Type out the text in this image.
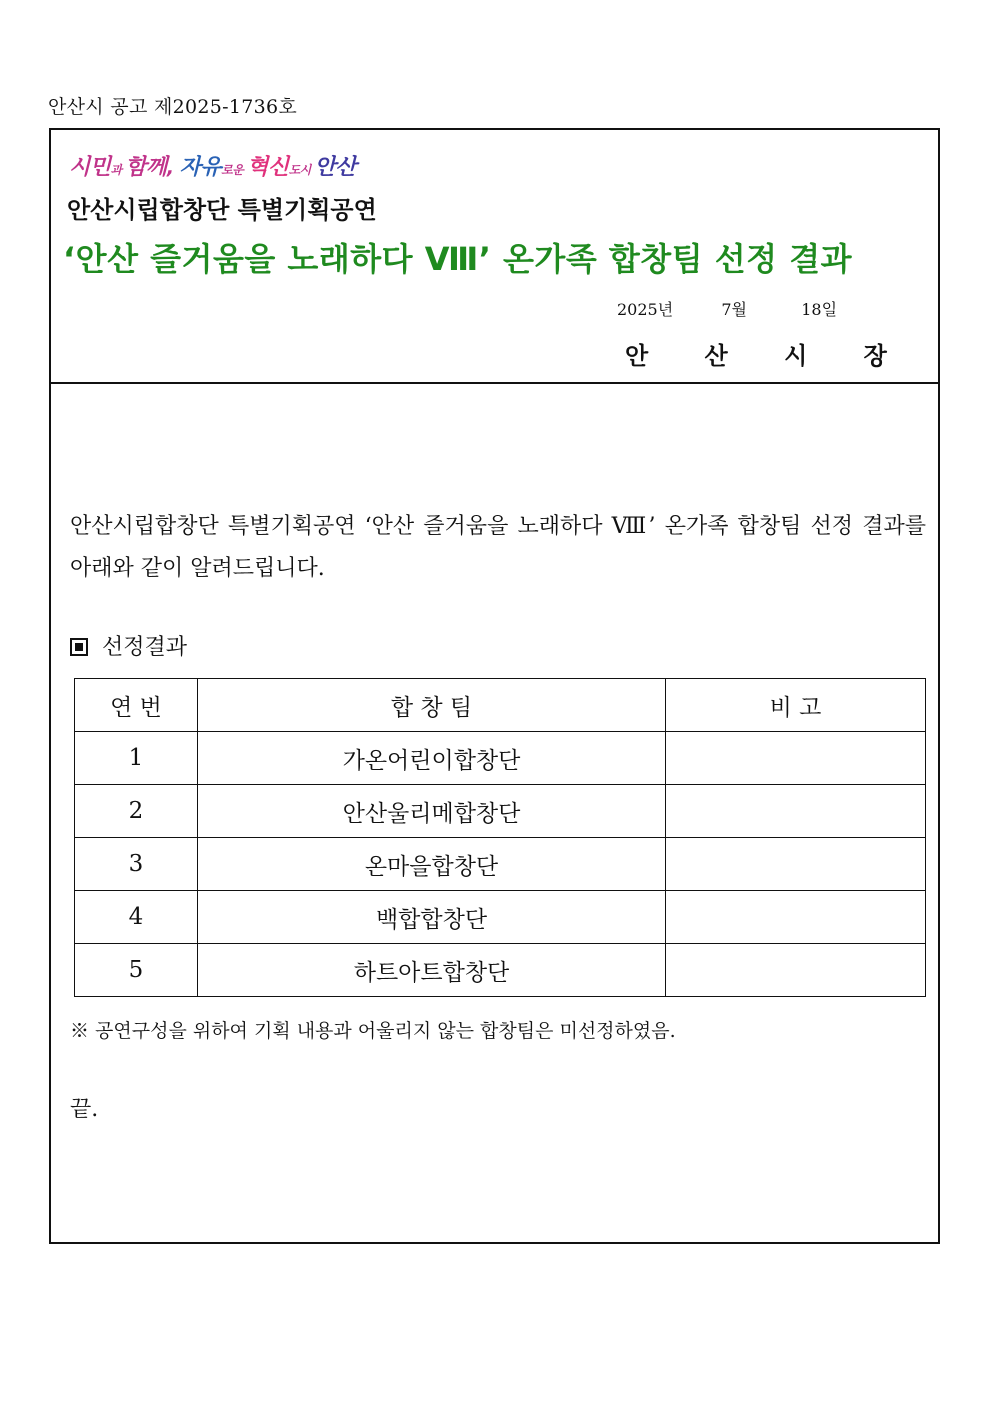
안산시 공고 제2025-1736호
시민과 함께, 자유로운 혁신도시 안산
안산시립합창단 특별기획공연
‘안산 즐거움을 노래하다 Ⅷ’ 온가족 합창팀 선정 결과
2025년	7월	18일
안 산 시 장
안산시립합창단 특별기획공연 ‘안산 즐거움을 노래하다 Ⅷ’ 온가족 합창팀 선정 결과를 아래와 같이 알려드립니다.
선정결과
연 번	합 창 팀	비 고
1	가온어린이합창단	
2	안산울리메합창단	
3	온마을합창단	
4	백합합창단	
5	하트아트합창단	
※ 공연구성을 위하여 기획 내용과 어울리지 않는 합창팀은 미선정하였음.
끝.
